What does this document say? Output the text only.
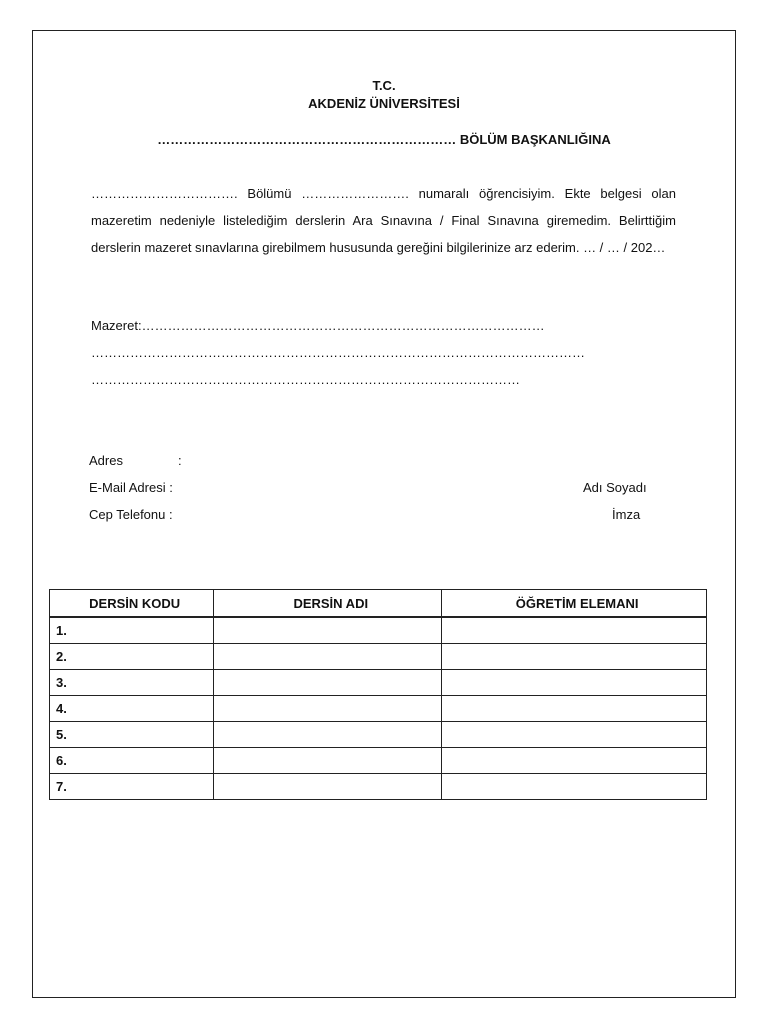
T.C.
AKDENİZ ÜNİVERSİTESİ
…………………………………………………………… BÖLÜM BAŞKANLIĞINA
……………………………. Bölümü ……………………. numaralı öğrencisiyim. Ekte belgesi olan mazeretim nedeniyle listelediğim derslerin Ara Sınavına / Final Sınavına giremedim. Belirttiğim derslerin mazeret sınavlarına girebilmem hususunda gereğini bilgilerinize arz ederim. … / … / 202…
Mazeret:…………………………………………………………………………………
……………………………………………………………………………………………………
………………………………………………………………………………………
Adres	:
E-Mail Adresi :
Cep Telefonu :
Adı Soyadı
İmza
DERSİN KODU	DERSİN ADI	ÖĞRETİM ELEMANI
1.		
2.		
3.		
4.		
5.		
6.		
7.		
